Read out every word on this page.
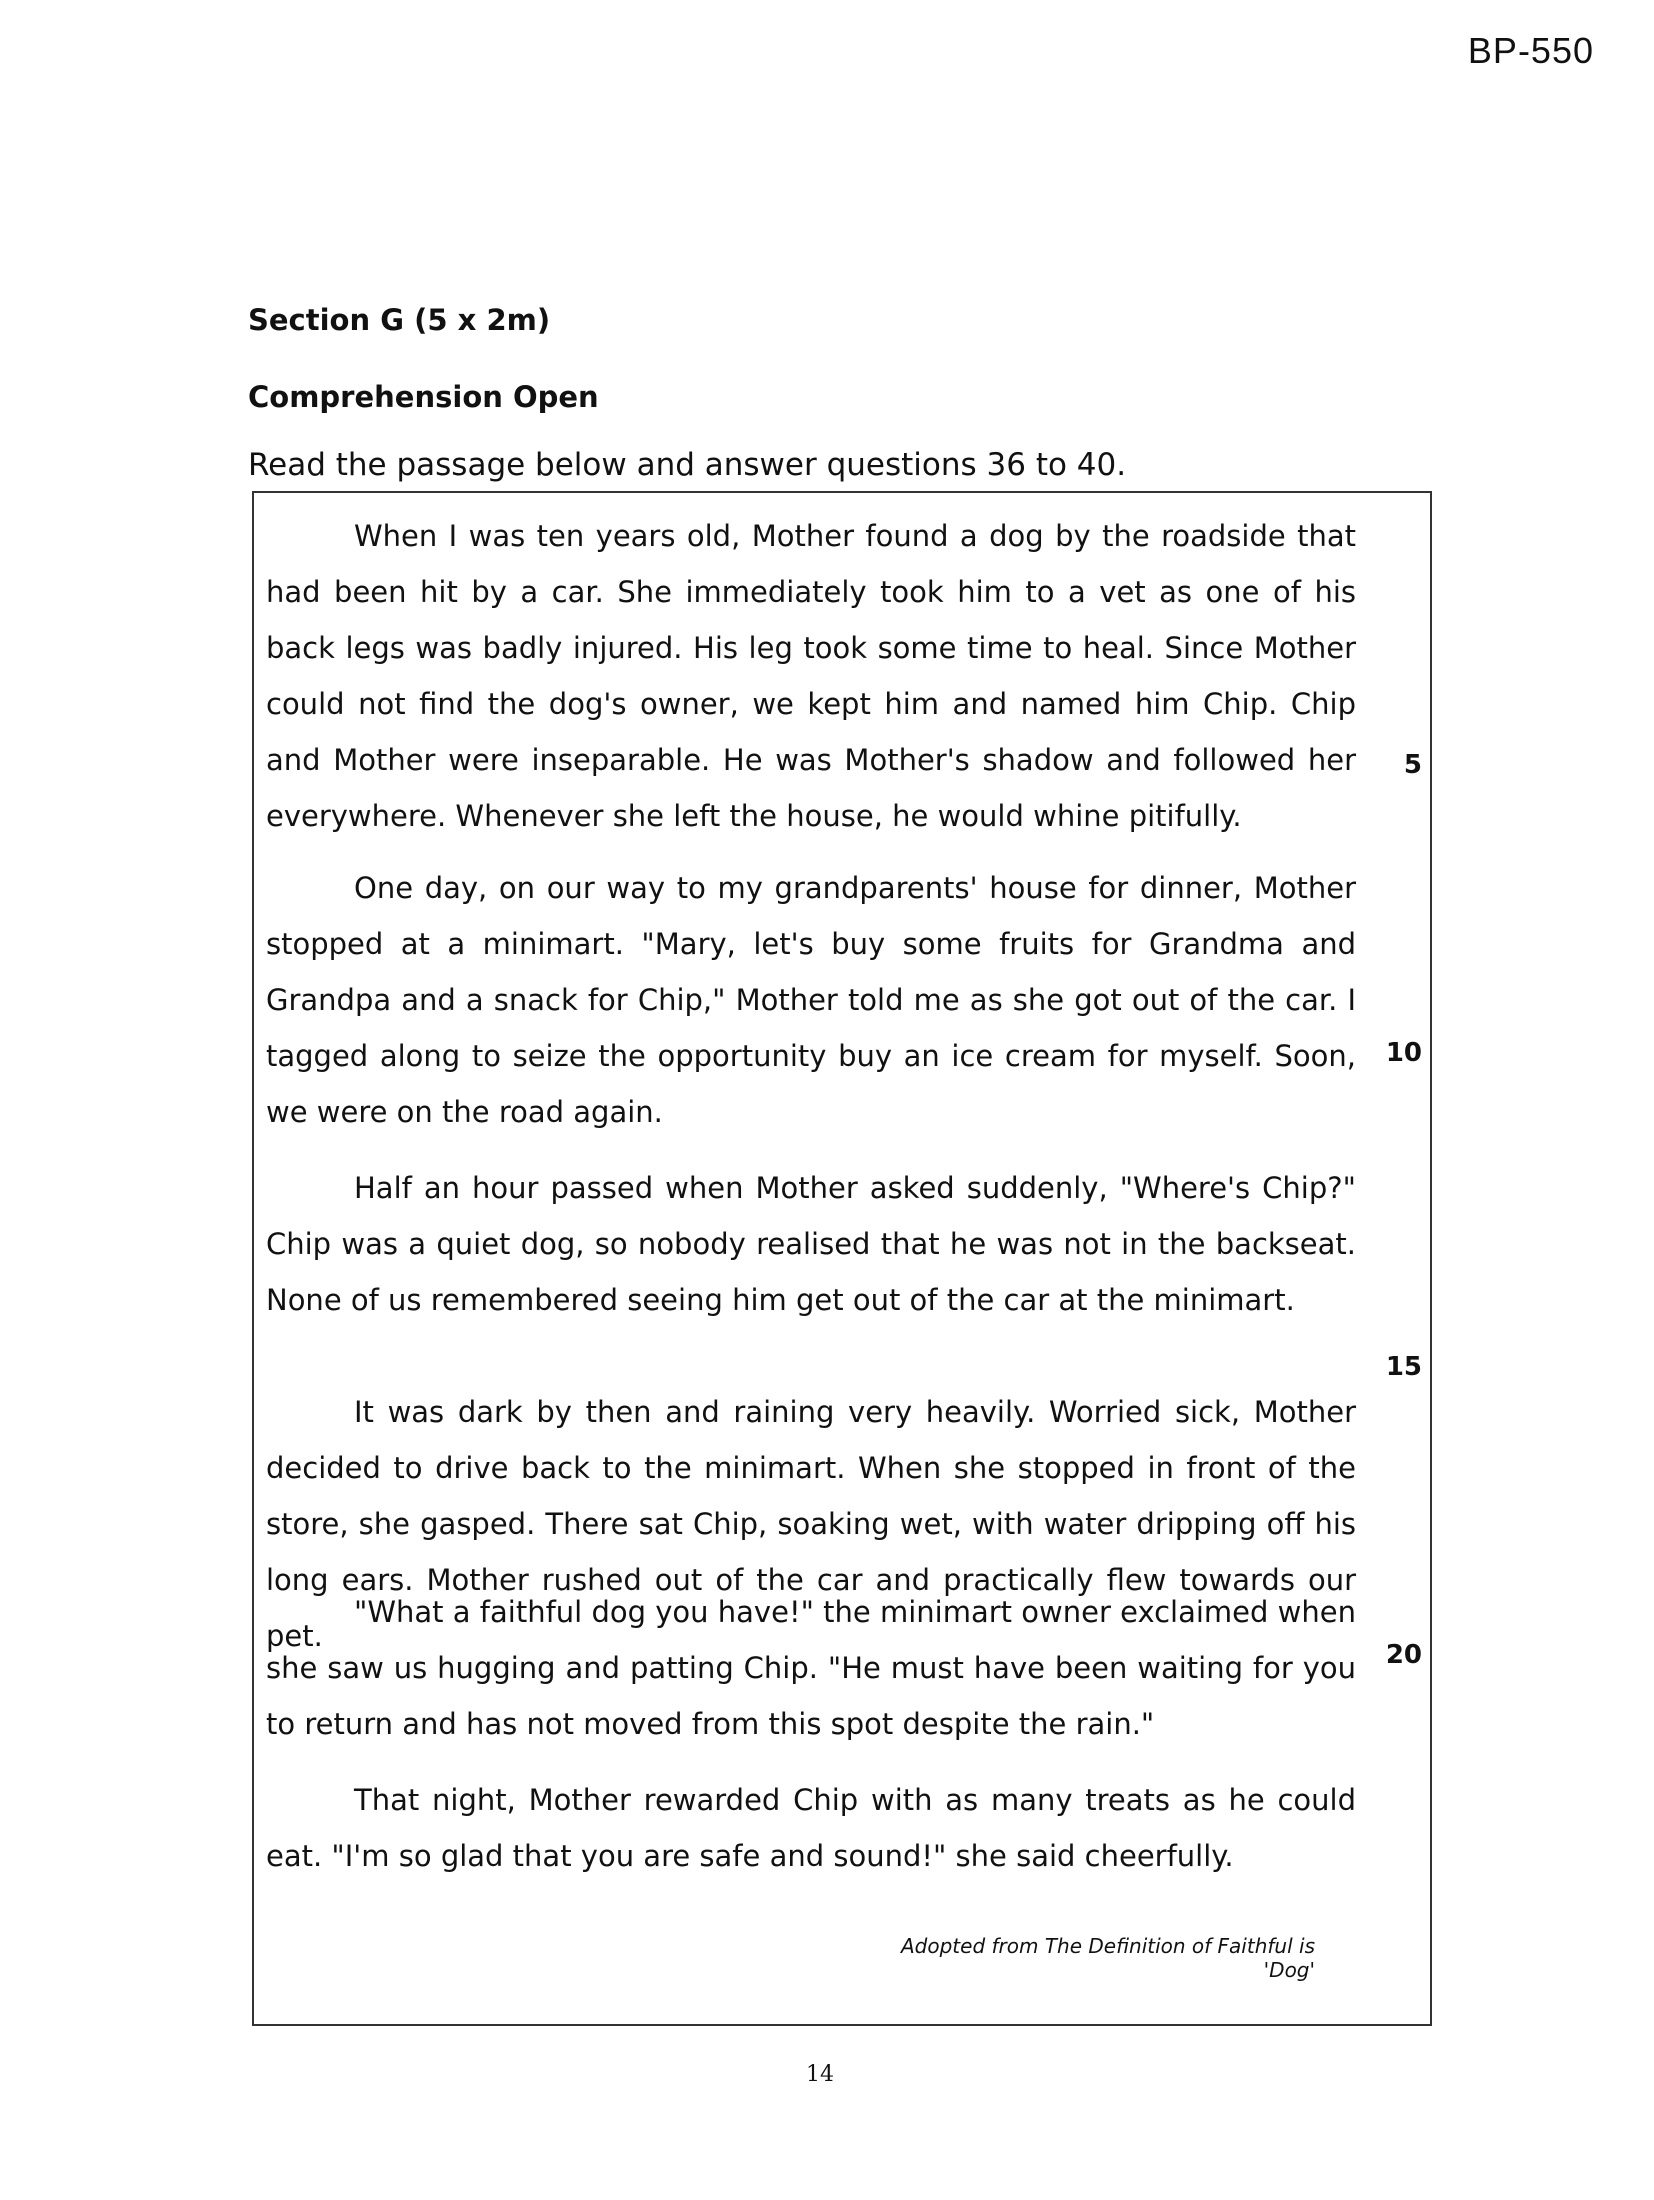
BP-550
Section G (5 x 2m)
Comprehension Open
Read the passage below and answer questions 36 to 40.
When I was ten years old, Mother found a dog by the roadside that had been hit by a car. She immediately took him to a vet as one of his back legs was badly injured. His leg took some time to heal. Since Mother could not find the dog's owner, we kept him and named him Chip. Chip and Mother were inseparable. He was Mother's shadow and followed her everywhere. Whenever she left the house, he would whine pitifully.
One day, on our way to my grandparents' house for dinner, Mother stopped at a minimart. "Mary, let's buy some fruits for Grandma and Grandpa and a snack for Chip," Mother told me as she got out of the car. I tagged along to seize the opportunity buy an ice cream for myself. Soon, we were on the road again.
Half an hour passed when Mother asked suddenly, "Where's Chip?" Chip was a quiet dog, so nobody realised that he was not in the backseat. None of us remembered seeing him get out of the car at the minimart.
It was dark by then and raining very heavily. Worried sick, Mother decided to drive back to the minimart. When she stopped in front of the store, she gasped. There sat Chip, soaking wet, with water dripping off his long ears. Mother rushed out of the car and practically flew towards our pet.
"What a faithful dog you have!" the minimart owner exclaimed when she saw us hugging and patting Chip. "He must have been waiting for you to return and has not moved from this spot despite the rain."
That night, Mother rewarded Chip with as many treats as he could eat. "I'm so glad that you are safe and sound!" she said cheerfully.
5
10
15
20
Adopted from The Definition of Faithful is 'Dog'
14
